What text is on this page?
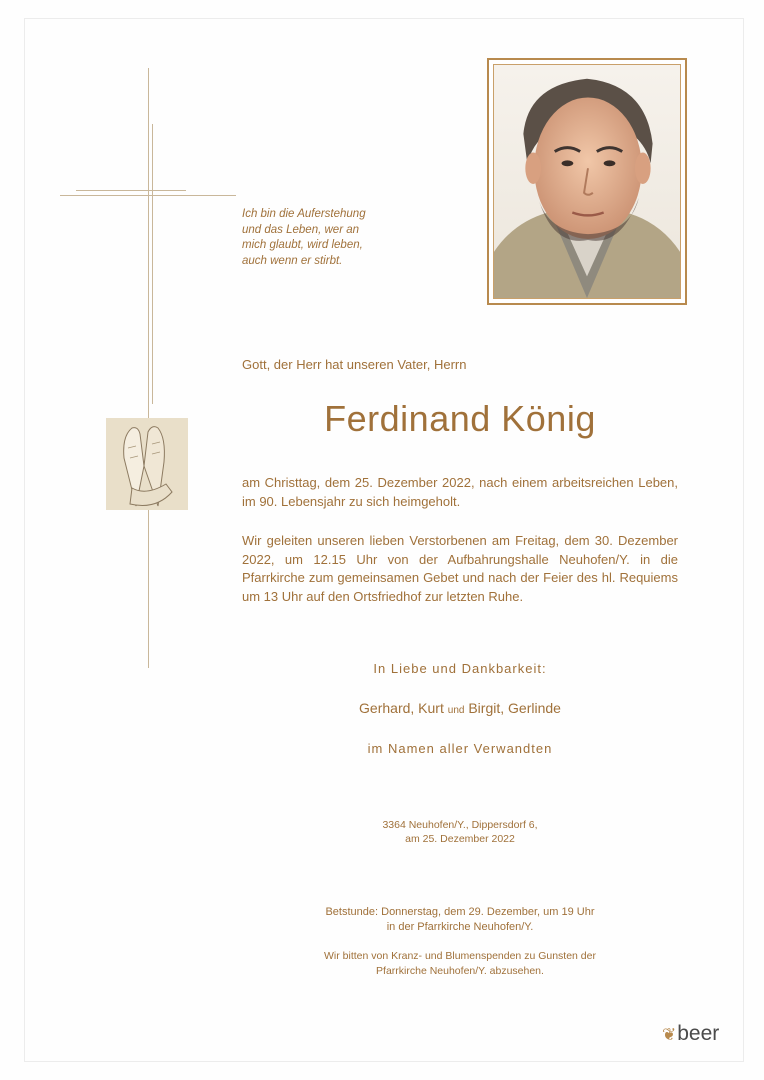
Ich bin die Auferstehung
und das Leben, wer an
mich glaubt, wird leben,
auch wenn er stirbt.
Gott, der Herr hat unseren Vater, Herrn
Ferdinand König
am Christtag, dem 25. Dezember 2022, nach einem arbeitsreichen Leben, im 90. Lebensjahr zu sich heimgeholt.
Wir geleiten unseren lieben Verstorbenen am Freitag, dem 30. Dezember 2022, um 12.15 Uhr von der Aufbahrungshalle Neuhofen/Y. in die Pfarrkirche zum gemeinsamen Gebet und nach der Feier des hl. Requiems um 13 Uhr auf den Ortsfriedhof zur letzten Ruhe.
In Liebe und Dankbarkeit:
Gerhard, Kurt und Birgit, Gerlinde
im Namen aller Verwandten
3364 Neuhofen/Y., Dippersdorf 6,
am 25. Dezember 2022
Betstunde: Donnerstag, dem 29. Dezember, um 19 Uhr
in der Pfarrkirche Neuhofen/Y.
Wir bitten von Kranz- und Blumenspenden zu Gunsten der
Pfarrkirche Neuhofen/Y. abzusehen.
❦beer
